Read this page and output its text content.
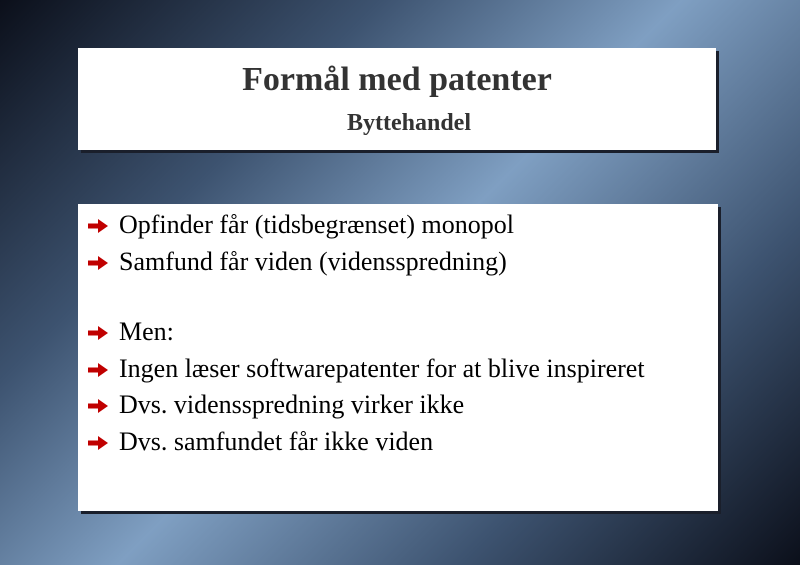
Formål med patenter
Byttehandel
Opfinder får (tidsbegrænset) monopol
Samfund får viden (vidensspredning)
Men:
Ingen læser softwarepatenter for at blive inspireret
Dvs. vidensspredning virker ikke
Dvs. samfundet får ikke viden
